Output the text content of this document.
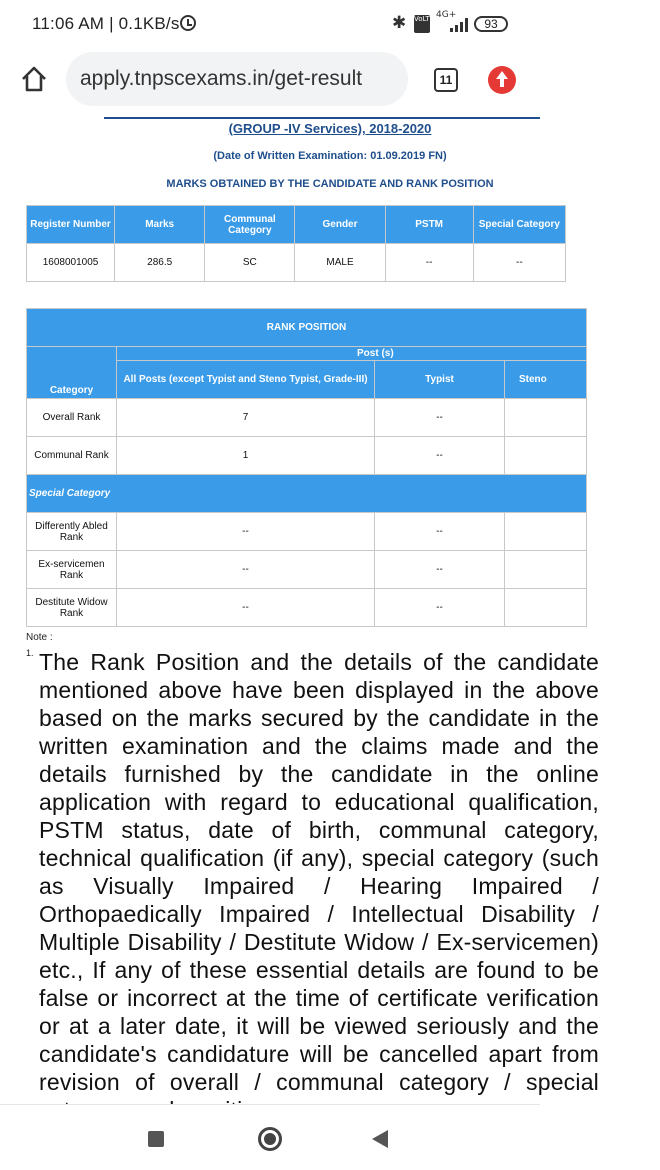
11:06 AM | 0.1KB/s	✱ VoLTE 4G+
93
apply.tnpscexams.in/get-result	11
(GROUP -IV Services), 2018-2020
(Date of Written Examination: 01.09.2019 FN)
MARKS OBTAINED BY THE CANDIDATE AND RANK POSITION
Register Number	Marks	Communal Category	Gender	PSTM	Special Category
1608001005	286.5	SC	MALE	--	--
RANK POSITION			
Category	Post (s)		
	All Posts (except Typist and Steno Typist, Grade-III)	Typist	Steno
Overall Rank	7	--	
Communal Rank	1	--	
Special Category			
Differently Abled Rank	--	--	
Ex-servicemen Rank	--	--	
Destitute Widow Rank	--	--	
Note :
1. The Rank Position and the details of the candidate mentioned above have been displayed in the above based on the marks secured by the candidate in the written examination and the claims made and the details furnished by the candidate in the online application with regard to educational qualification, PSTM status, date of birth, communal category, technical qualification (if any), special category (such as Visually Impaired / Hearing Impaired / Orthopaedically Impaired / Intellectual Disability / Multiple Disability / Destitute Widow / Ex-servicemen) etc., If any of these essential details are found to be false or incorrect at the time of certificate verification or at a later date, it will be viewed seriously and the candidate's candidature will be cancelled apart from revision of overall / communal category / special
